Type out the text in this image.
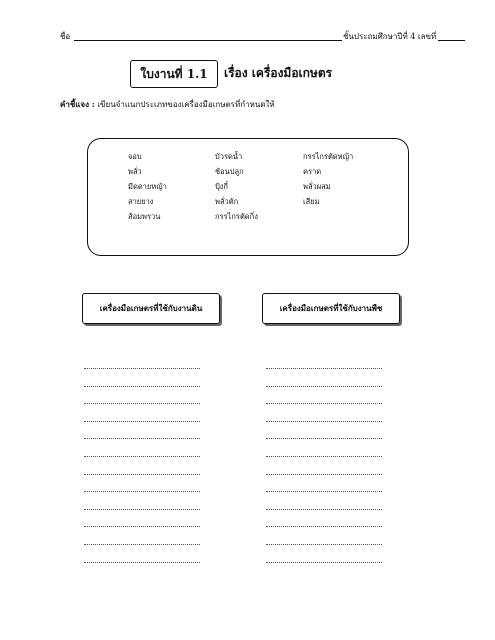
ชื่อ	ชั้นประถมศึกษาปีที่ 4 เลขที่
ใบงานที่ 1.1	เรื่อง เครื่องมือเกษตร
คำชี้แจง : เขียนจำแนกประเภทของเครื่องมือเกษตรที่กำหนดให้
จอบ
พลั่ว
มีดดายหญ้า
สายยาง
ส้อมพรวน
บัวรดน้ำ
ช้อนปลูก
ปุ้งกี๋
พลั่วตัก
กรรไกรตัดกิ่ง
กรรไกรตัดหญ้า
คราด
พลั่วผสม
เสียม
เครื่องมือเกษตรที่ใช้กับงานดิน	เครื่องมือเกษตรที่ใช้กับงานพืช
